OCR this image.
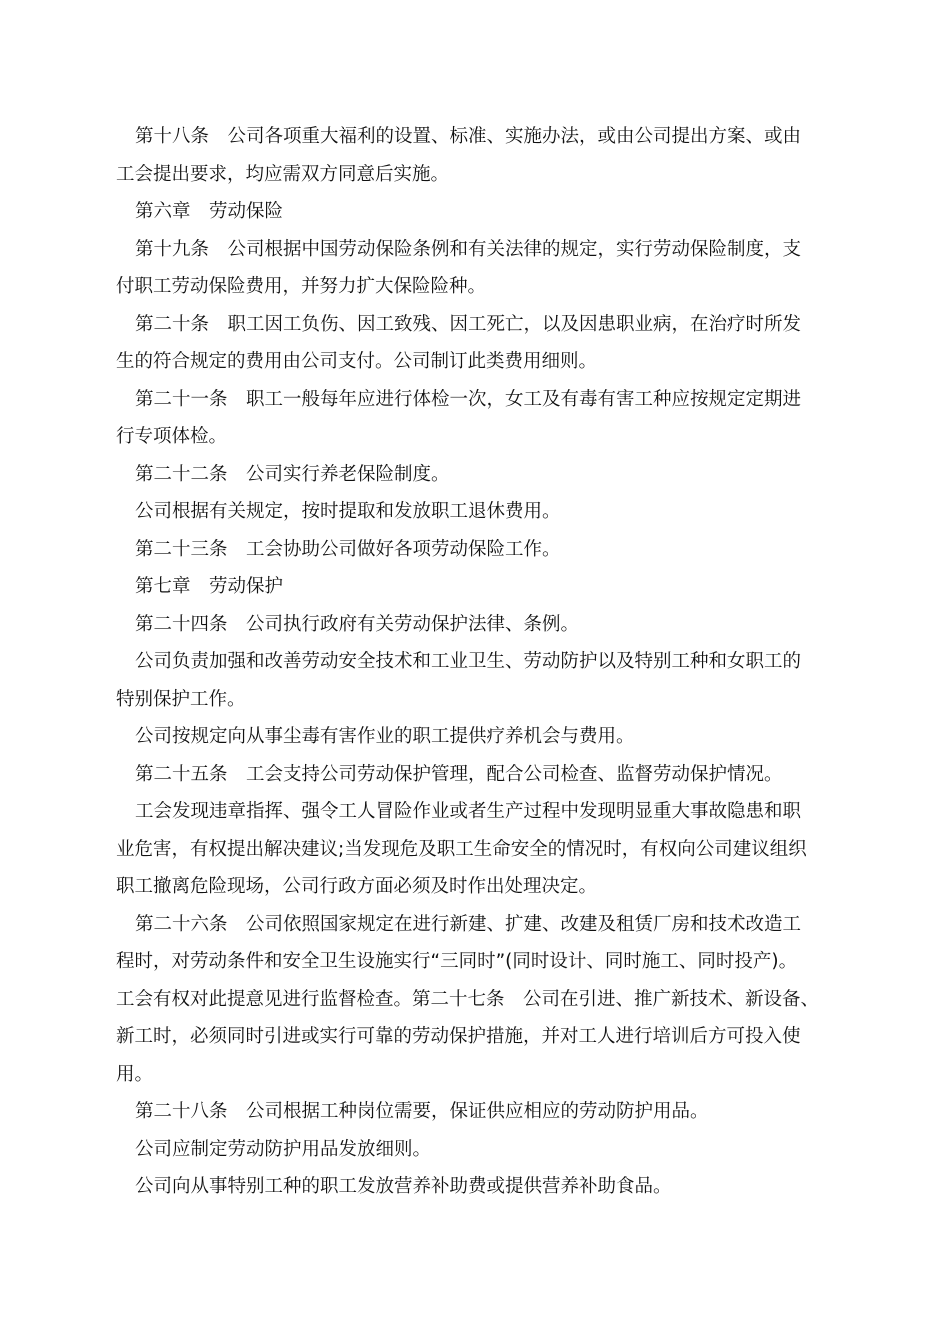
第十八条　公司各项重大福利的设置、标准、实施办法，或由公司提出方案、或由
工会提出要求，均应需双方同意后实施。
第六章　劳动保险
第十九条　公司根据中国劳动保险条例和有关法律的规定，实行劳动保险制度，支
付职工劳动保险费用，并努力扩大保险险种。
第二十条　职工因工负伤、因工致残、因工死亡，以及因患职业病，在治疗时所发
生的符合规定的费用由公司支付。公司制订此类费用细则。
第二十一条　职工一般每年应进行体检一次，女工及有毒有害工种应按规定定期进
行专项体检。
第二十二条　公司实行养老保险制度。
公司根据有关规定，按时提取和发放职工退休费用。
第二十三条　工会协助公司做好各项劳动保险工作。
第七章　劳动保护
第二十四条　公司执行政府有关劳动保护法律、条例。
公司负责加强和改善劳动安全技术和工业卫生、劳动防护以及特别工种和女职工的
特别保护工作。
公司按规定向从事尘毒有害作业的职工提供疗养机会与费用。
第二十五条　工会支持公司劳动保护管理，配合公司检查、监督劳动保护情况。
工会发现违章指挥、强令工人冒险作业或者生产过程中发现明显重大事故隐患和职
业危害，有权提出解决建议;当发现危及职工生命安全的情况时，有权向公司建议组织
职工撤离危险现场，公司行政方面必须及时作出处理决定。
第二十六条　公司依照国家规定在进行新建、扩建、改建及租赁厂房和技术改造工
程时，对劳动条件和安全卫生设施实行“三同时”(同时设计、同时施工、同时投产)。
工会有权对此提意见进行监督检查。第二十七条　公司在引进、推广新技术、新设备、
新工时，必须同时引进或实行可靠的劳动保护措施，并对工人进行培训后方可投入使
用。
第二十八条　公司根据工种岗位需要，保证供应相应的劳动防护用品。
公司应制定劳动防护用品发放细则。
公司向从事特别工种的职工发放营养补助费或提供营养补助食品。
